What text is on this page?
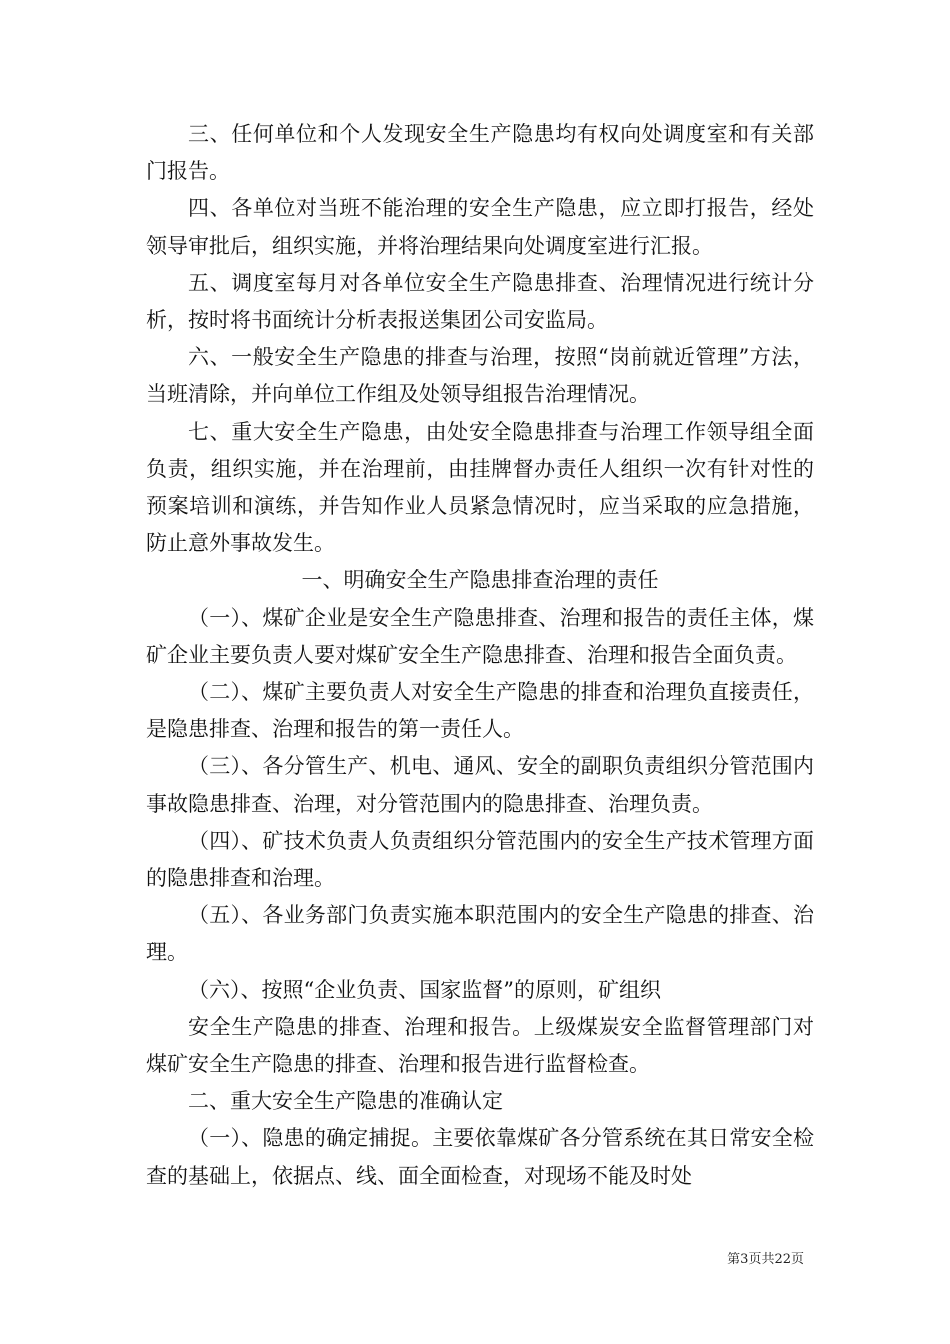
三、任何单位和个人发现安全生产隐患均有权向处调度室和有关部门报告。

四、各单位对当班不能治理的安全生产隐患，应立即打报告，经处领导审批后，组织实施，并将治理结果向处调度室进行汇报。

五、调度室每月对各单位安全生产隐患排查、治理情况进行统计分析，按时将书面统计分析表报送集团公司安监局。

六、一般安全生产隐患的排查与治理，按照“岗前就近管理”方法，当班清除，并向单位工作组及处领导组报告治理情况。

七、重大安全生产隐患，由处安全隐患排查与治理工作领导组全面负责，组织实施，并在治理前，由挂牌督办责任人组织一次有针对性的预案培训和演练，并告知作业人员紧急情况时，应当采取的应急措施，防止意外事故发生。

一、明确安全生产隐患排查治理的责任

（一）、煤矿企业是安全生产隐患排查、治理和报告的责任主体，煤矿企业主要负责人要对煤矿安全生产隐患排查、治理和报告全面负责。

（二）、煤矿主要负责人对安全生产隐患的排查和治理负直接责任，是隐患排查、治理和报告的第一责任人。

（三）、各分管生产、机电、通风、安全的副职负责组织分管范围内事故隐患排查、治理，对分管范围内的隐患排查、治理负责。

（四）、矿技术负责人负责组织分管范围内的安全生产技术管理方面的隐患排查和治理。

（五）、各业务部门负责实施本职范围内的安全生产隐患的排查、治理。

（六）、按照“企业负责、国家监督”的原则，矿组织

安全生产隐患的排查、治理和报告。上级煤炭安全监督管理部门对煤矿安全生产隐患的排查、治理和报告进行监督检查。

二、重大安全生产隐患的准确认定

（一）、隐患的确定捕捉。主要依靠煤矿各分管系统在其日常安全检查的基础上，依据点、线、面全面检查，对现场不能及时处

第3页共22页
